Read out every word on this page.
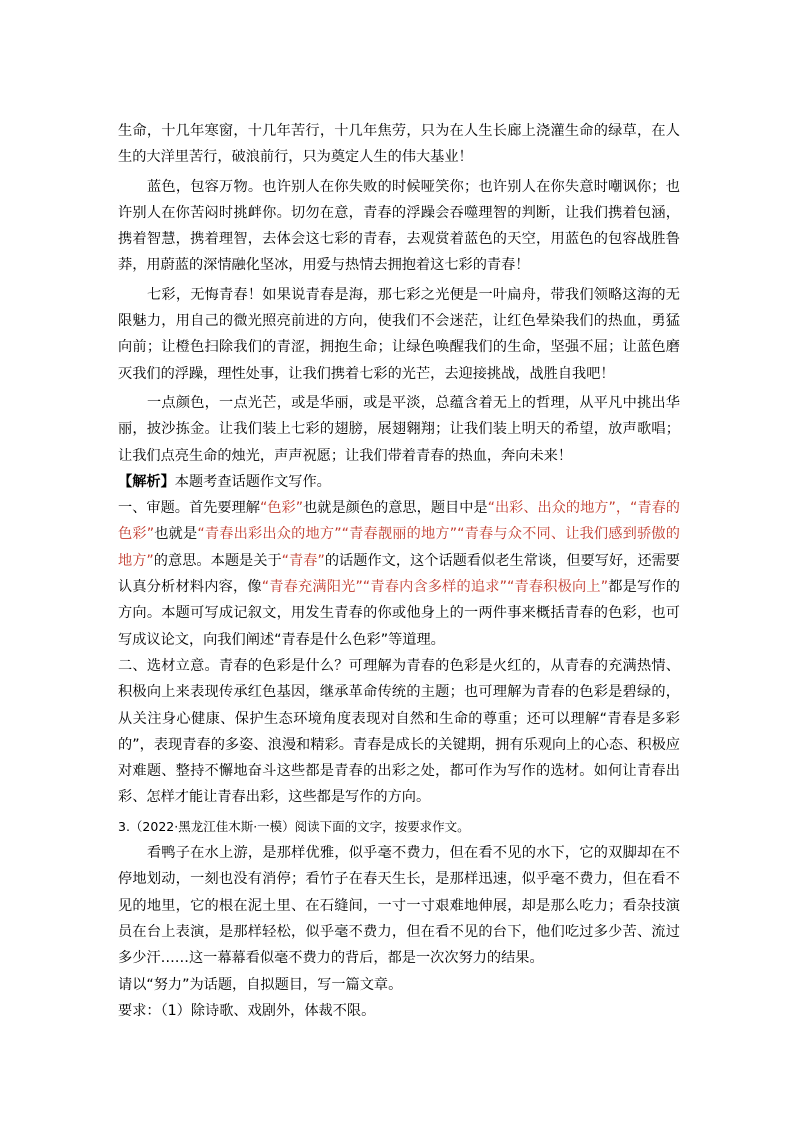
生命，十几年寒窗，十几年苦行，十几年焦劳，只为在人生长廊上浇灌生命的绿草，在人生的大洋里苦行，破浪前行，只为奠定人生的伟大基业！

蓝色，包容万物。也许别人在你失败的时候哑笑你；也许别人在你失意时嘲讽你；也许别人在你苦闷时挑衅你。切勿在意，青春的浮躁会吞噬理智的判断，让我们携着包涵，携着智慧，携着理智，去体会这七彩的青春，去观赏着蓝色的天空，用蓝色的包容战胜鲁莽，用蔚蓝的深情融化坚冰，用爱与热情去拥抱着这七彩的青春！

七彩，无悔青春！如果说青春是海，那七彩之光便是一叶扁舟，带我们领略这海的无限魅力，用自己的微光照亮前进的方向，使我们不会迷茫，让红色晕染我们的热血，勇猛向前；让橙色扫除我们的青涩，拥抱生命；让绿色唤醒我们的生命，坚强不屈；让蓝色磨灭我们的浮躁，理性处事，让我们携着七彩的光芒，去迎接挑战，战胜自我吧！

一点颜色，一点光芒，或是华丽，或是平淡，总蕴含着无上的哲理，从平凡中挑出华丽，披沙拣金。让我们装上七彩的翅膀，展翅翱翔；让我们装上明天的希望，放声歌唱；让我们点亮生命的烛光，声声祝愿；让我们带着青春的热血，奔向未来！

【解析】本题考查话题作文写作。

一、审题。首先要理解“色彩”也就是颜色的意思，题目中是“出彩、出众的地方”，“青春的色彩”也就是“青春出彩出众的地方”“青春靓丽的地方”“青春与众不同、让我们感到骄傲的地方”的意思。本题是关于“青春”的话题作文，这个话题看似老生常谈，但要写好，还需要认真分析材料内容，像“青春充满阳光”“青春内含多样的追求”“青春积极向上”都是写作的方向。本题可写成记叙文，用发生青春的你或他身上的一两件事来概括青春的色彩，也可写成议论文，向我们阐述“青春是什么色彩”等道理。

二、选材立意。青春的色彩是什么？可理解为青春的色彩是火红的，从青春的充满热情、积极向上来表现传承红色基因，继承革命传统的主题；也可理解为青春的色彩是碧绿的，从关注身心健康、保护生态环境角度表现对自然和生命的尊重；还可以理解“青春是多彩的”，表现青春的多姿、浪漫和精彩。青春是成长的关键期，拥有乐观向上的心态、积极应对难题、整持不懈地奋斗这些都是青春的出彩之处，都可作为写作的选材。如何让青春出彩、怎样才能让青春出彩，这些都是写作的方向。

3.（2022·黑龙江佳木斯·一模）阅读下面的文字，按要求作文。

看鸭子在水上游，是那样优雅，似乎毫不费力，但在看不见的水下，它的双脚却在不停地划动，一刻也没有消停；看竹子在春天生长，是那样迅速，似乎毫不费力，但在看不见的地里，它的根在泥土里、在石缝间，一寸一寸艰难地伸展，却是那么吃力；看杂技演员在台上表演，是那样轻松，似乎毫不费力，但在看不见的台下，他们吃过多少苦、流过多少汗……这一幕幕看似毫不费力的背后，都是一次次努力的结果。

请以“努力”为话题，自拟题目，写一篇文章。

要求：（1）除诗歌、戏剧外，体裁不限。
